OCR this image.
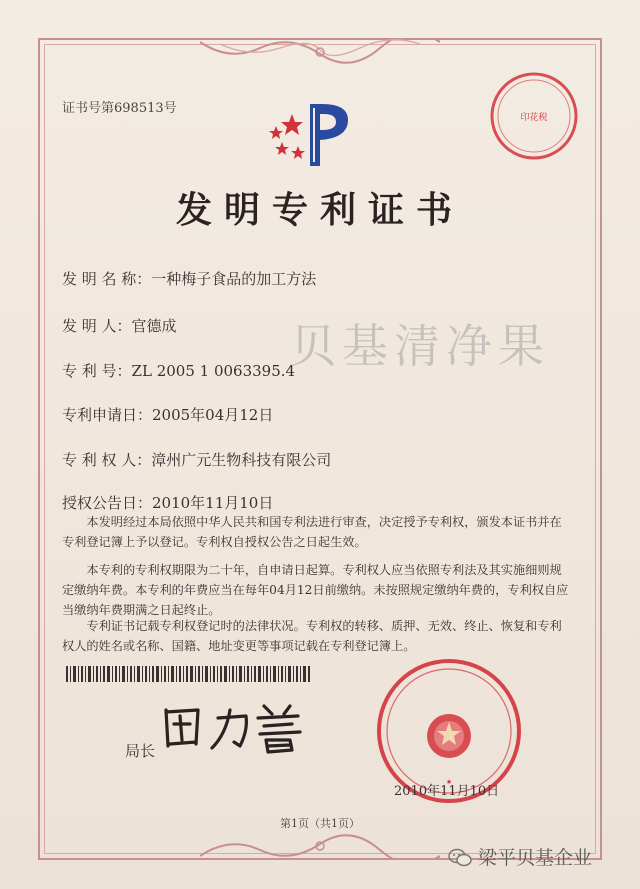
证书号第698513号
印花税
发明专利证书
发 明 名 称：一种梅子食品的加工方法
发 明 人：官德成
专 利 号：ZL 2005 1 0063395.4
专利申请日：2005年04月12日
专 利 权 人：漳州广元生物科技有限公司
授权公告日：2010年11月10日
贝基清净果

本发明经过本局依照中华人民共和国专利法进行审查，决定授予专利权，颁发本证书并在专利登记簿上予以登记。专利权自授权公告之日起生效。

本专利的专利权期限为二十年，自申请日起算。专利权人应当依照专利法及其实施细则规定缴纳年费。本专利的年费应当在每年04月12日前缴纳。未按照规定缴纳年费的，专利权自应当缴纳年费期满之日起终止。

专利证书记载专利权登记时的法律状况。专利权的转移、质押、无效、终止、恢复和专利权人的姓名或名称、国籍、地址变更等事项记载在专利登记簿上。

局长
★
2010年11月10日
第1页（共1页）
梁平贝基企业
